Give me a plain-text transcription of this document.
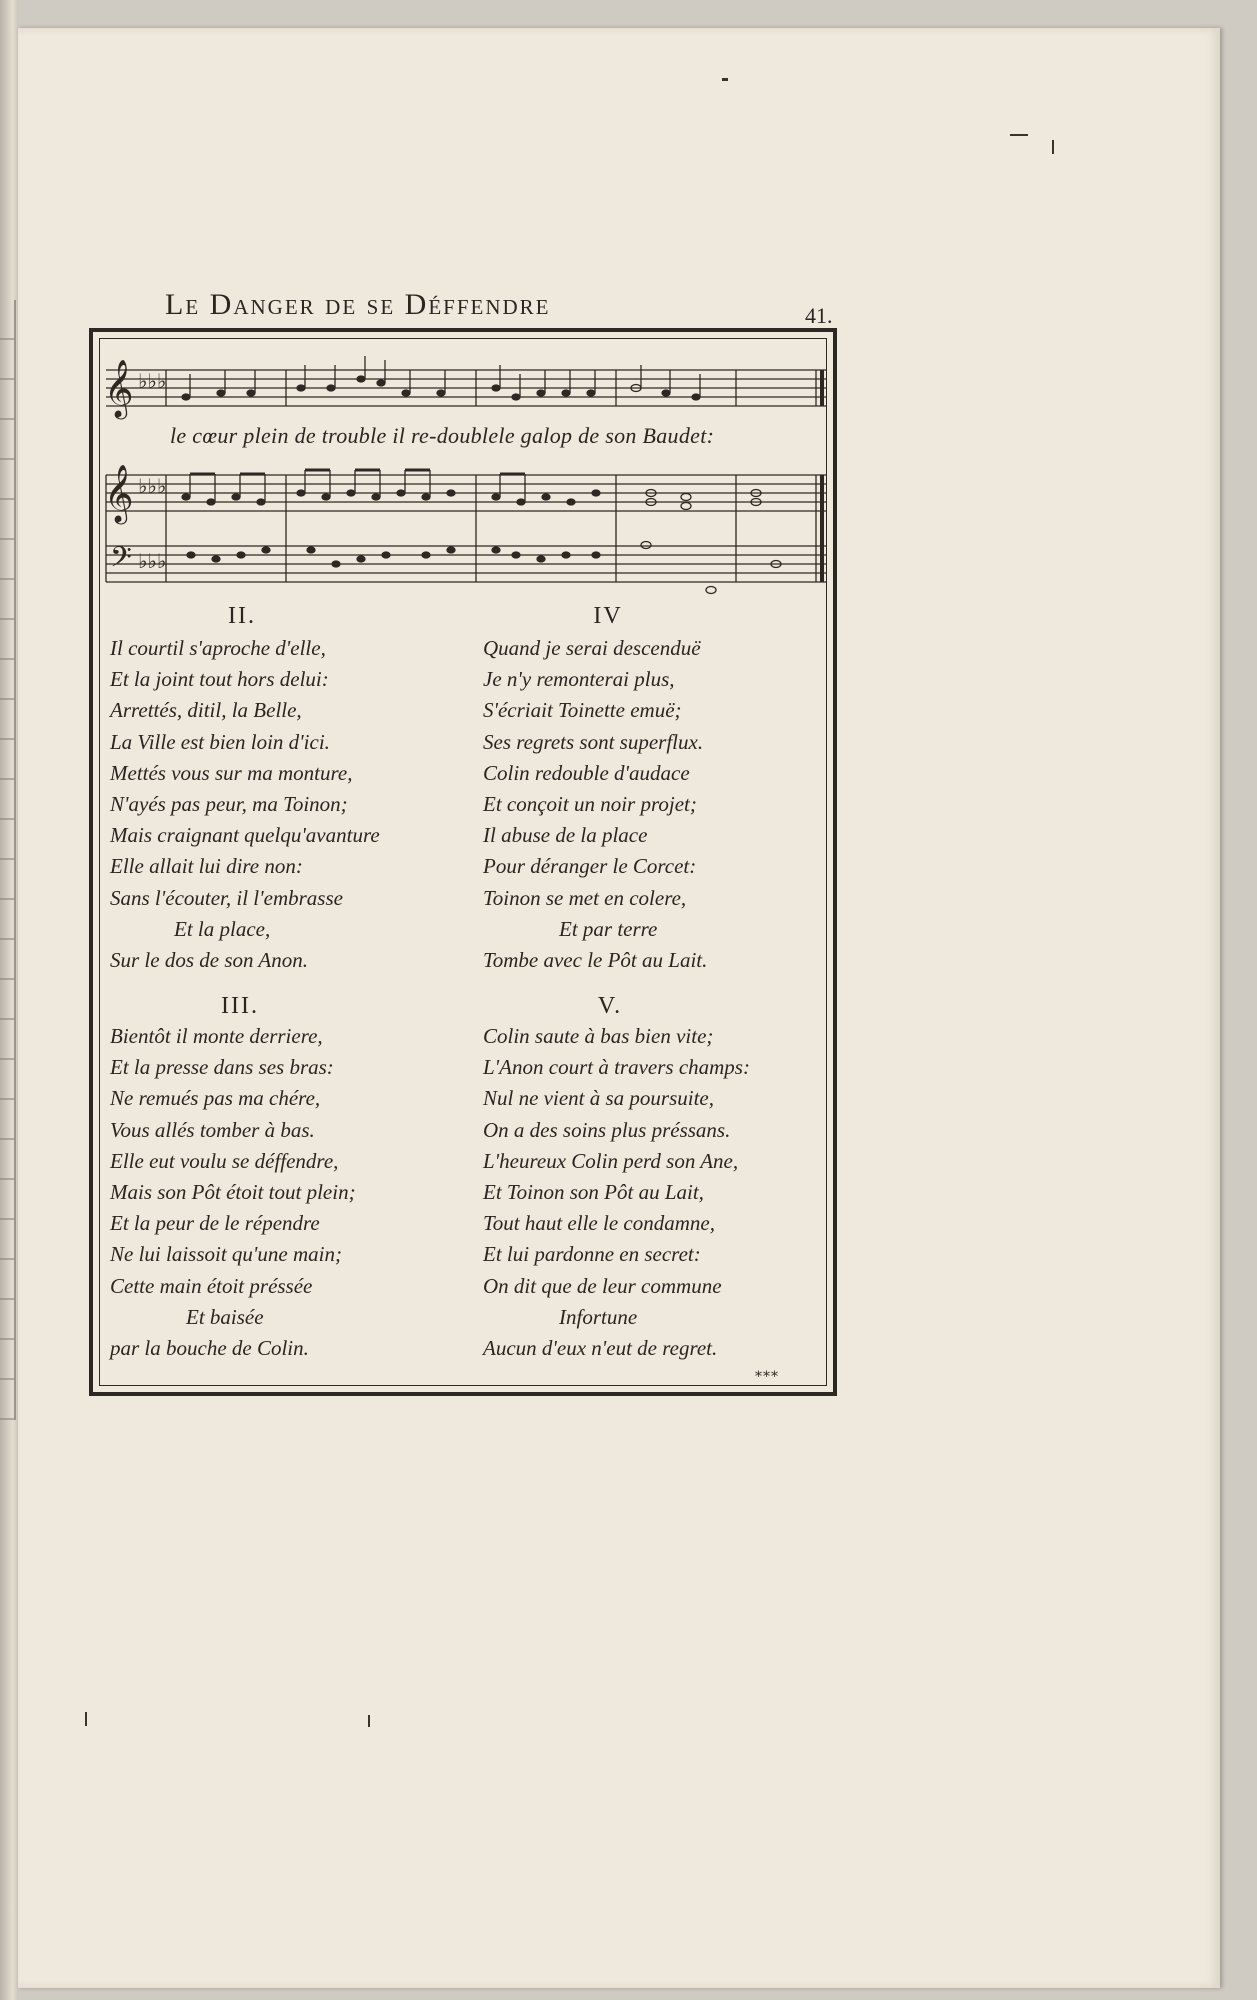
Le Danger de se Déffendre	41.
𝄞 ♭♭♭
𝄞 ♭♭♭
𝄢 ♭♭♭
le cœur plein de trouble il re-doublele galop de son Baudet:
II.
Il courtil s'aproche d'elle,
Et la joint tout hors delui:
Arrettés, ditil, la Belle,
La Ville est bien loin d'ici.
Mettés vous sur ma monture,
N'ayés pas peur, ma Toinon;
Mais craignant quelqu'avanture
Elle allait lui dire non:
Sans l'écouter, il l'embrasse
Et la place,
Sur le dos de son Anon.
III.
Bientôt il monte derriere,
Et la presse dans ses bras:
Ne remués pas ma chére,
Vous allés tomber à bas.
Elle eut voulu se déffendre,
Mais son Pôt étoit tout plein;
Et la peur de le répendre
Ne lui laissoit qu'une main;
Cette main étoit préssée
Et baisée
par la bouche de Colin.
IV
Quand je serai descenduë
Je n'y remonterai plus,
S'écriait Toinette emuë;
Ses regrets sont superflux.
Colin redouble d'audace
Et conçoit un noir projet;
Il abuse de la place
Pour déranger le Corcet:
Toinon se met en colere,
Et par terre
Tombe avec le Pôt au Lait.
V.
Colin saute à bas bien vite;
L'Anon court à travers champs:
Nul ne vient à sa poursuite,
On a des soins plus préssans.
L'heureux Colin perd son Ane,
Et Toinon son Pôt au Lait,
Tout haut elle le condamne,
Et lui pardonne en secret:
On dit que de leur commune
Infortune
Aucun d'eux n'eut de regret.
***
